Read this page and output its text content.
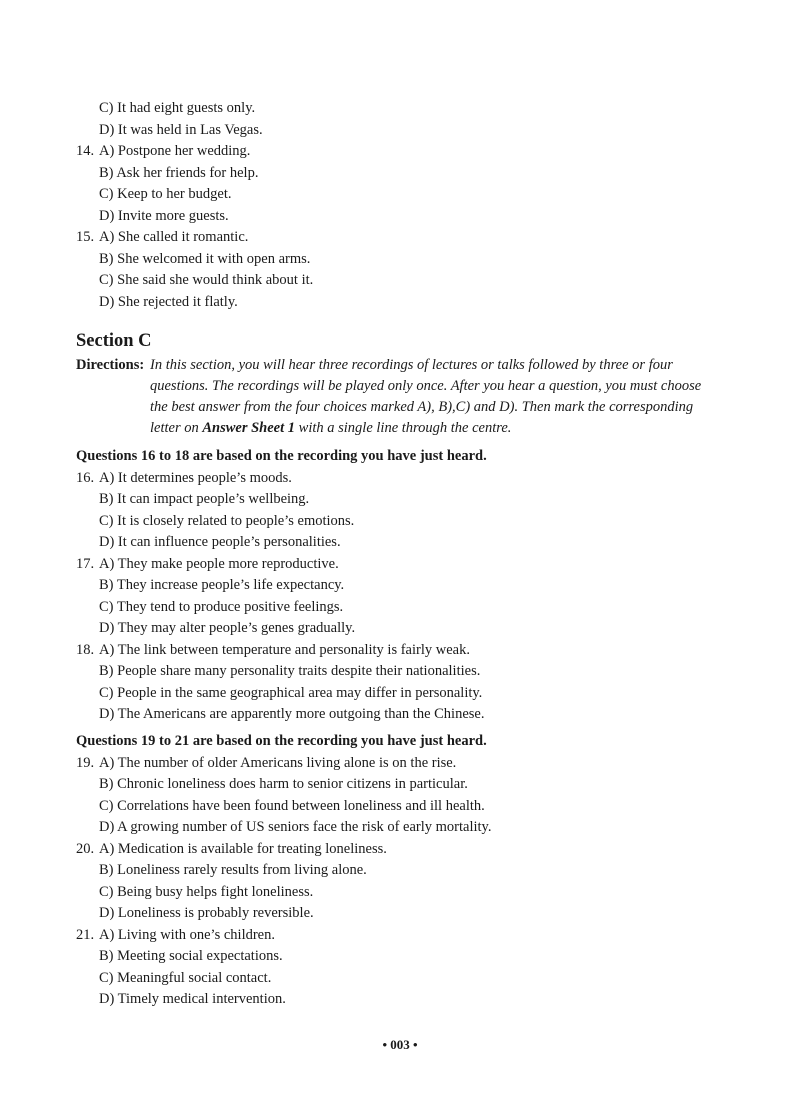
C) It had eight guests only.
D) It was held in Las Vegas.
14. A) Postpone her wedding.
B) Ask her friends for help.
C) Keep to her budget.
D) Invite more guests.
15. A) She called it romantic.
B) She welcomed it with open arms.
C) She said she would think about it.
D) She rejected it flatly.
Section C
Directions: In this section, you will hear three recordings of lectures or talks followed by three or four
questions. The recordings will be played only once. After you hear a question, you must choose
the best answer from the four choices marked A), B),C) and D). Then mark the corresponding
letter on Answer Sheet 1 with a single line through the centre.
Questions 16 to 18 are based on the recording you have just heard.
16. A) It determines people’s moods.
B) It can impact people’s wellbeing.
C) It is closely related to people’s emotions.
D) It can influence people’s personalities.
17. A) They make people more reproductive.
B) They increase people’s life expectancy.
C) They tend to produce positive feelings.
D) They may alter people’s genes gradually.
18. A) The link between temperature and personality is fairly weak.
B) People share many personality traits despite their nationalities.
C) People in the same geographical area may differ in personality.
D) The Americans are apparently more outgoing than the Chinese.
Questions 19 to 21 are based on the recording you have just heard.
19. A) The number of older Americans living alone is on the rise.
B) Chronic loneliness does harm to senior citizens in particular.
C) Correlations have been found between loneliness and ill health.
D) A growing number of US seniors face the risk of early mortality.
20. A) Medication is available for treating loneliness.
B) Loneliness rarely results from living alone.
C) Being busy helps fight loneliness.
D) Loneliness is probably reversible.
21. A) Living with one’s children.
B) Meeting social expectations.
C) Meaningful social contact.
D) Timely medical intervention.
• 003 •
